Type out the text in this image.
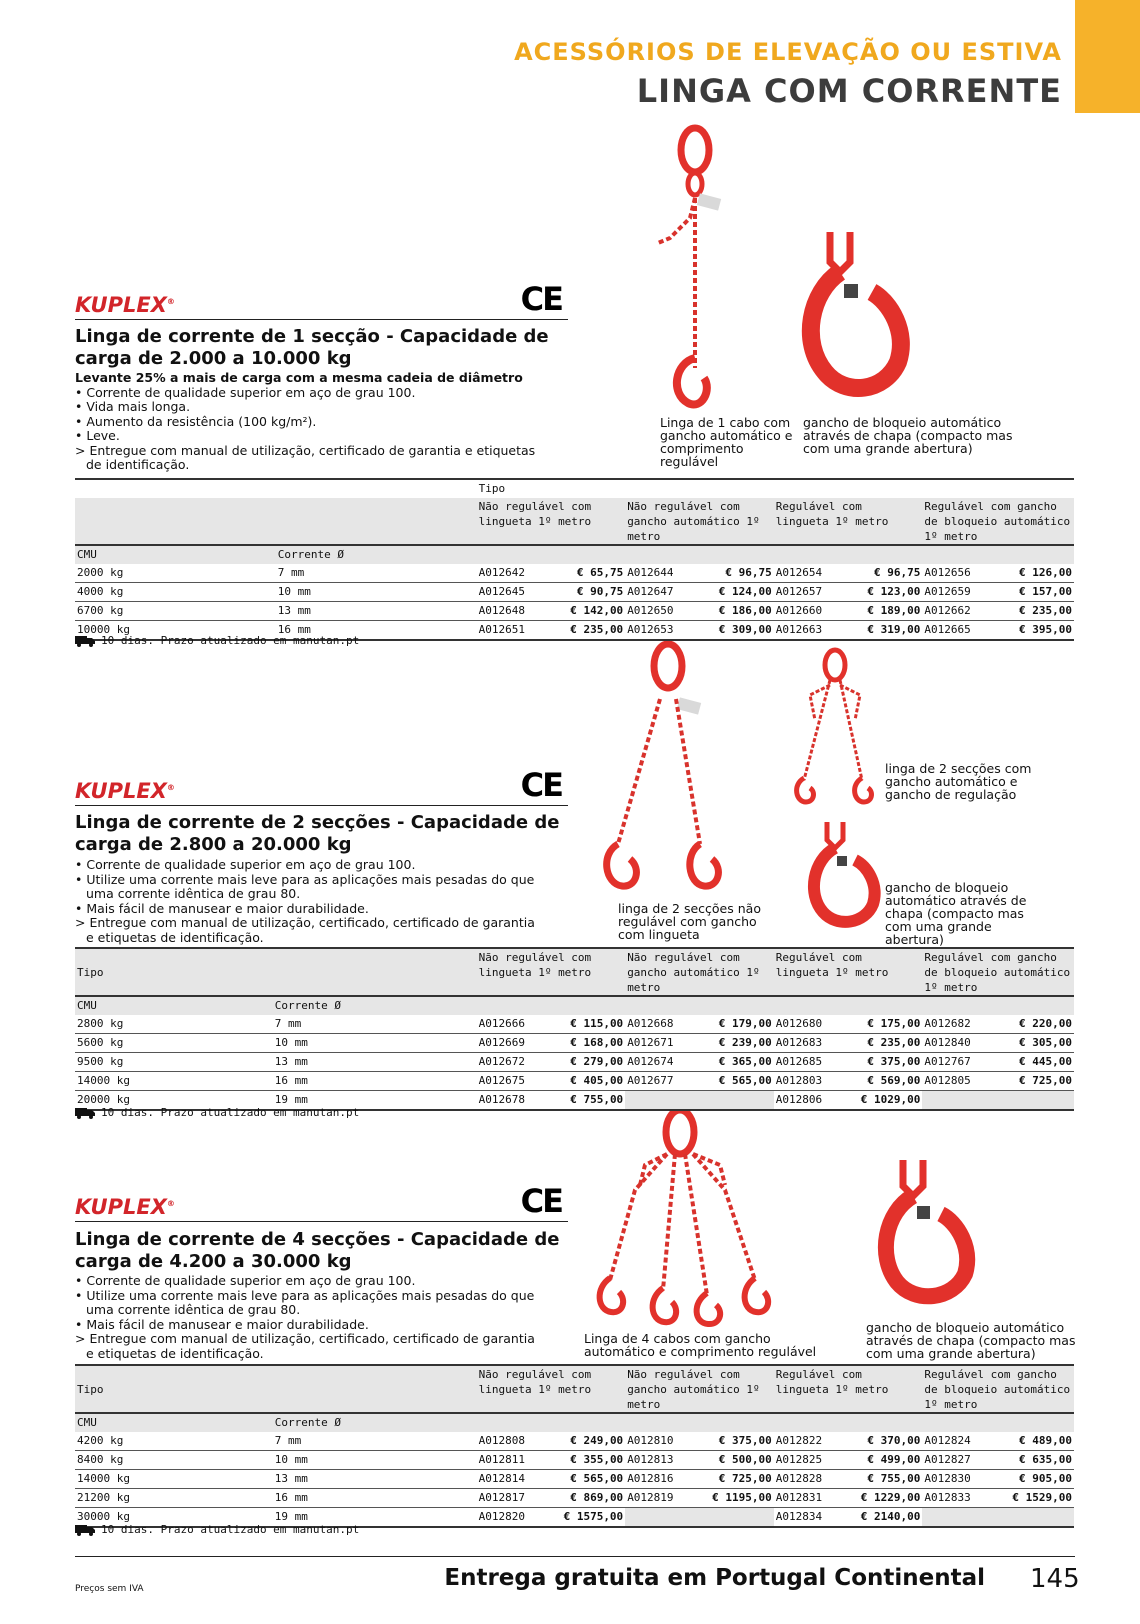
ACESSÓRIOS DE ELEVAÇÃO OU ESTIVA
LINGA COM CORRENTE
KUPLEX®	CE
Linga de corrente de 1 secção - Capacidade de carga de 2.000 a 10.000 kg
Levante 25% a mais de carga com a mesma cadeia de diâmetro
• Corrente de qualidade superior em aço de grau 100.
• Vida mais longa.
• Aumento da resistência (100 kg/m²).
• Leve.
> Entregue com manual de utilização, certificado de garantia e etiquetas de identificação.
Linga de 1 cabo com gancho automático e comprimento regulável
gancho de bloqueio automático através de chapa (compacto mas com uma grande abertura)
		Tipo							
		Não regulável com lingueta 1º metro		Não regulável com gancho automático 1º metro		Regulável com lingueta 1º metro		Regulável com gancho de bloqueio automático 1º metro	
CMU	Corrente Ø								
2000 kg	7 mm	A012642	€ 65,75	A012644	€ 96,75	A012654	€ 96,75	A012656	€ 126,00
4000 kg	10 mm	A012645	€ 90,75	A012647	€ 124,00	A012657	€ 123,00	A012659	€ 157,00
6700 kg	13 mm	A012648	€ 142,00	A012650	€ 186,00	A012660	€ 189,00	A012662	€ 235,00
10000 kg	16 mm	A012651	€ 235,00	A012653	€ 309,00	A012663	€ 319,00	A012665	€ 395,00
10 dias. Prazo atualizado em manutan.pt
KUPLEX®	CE
Linga de corrente de 2 secções - Capacidade de carga de 2.800 a 20.000 kg
• Corrente de qualidade superior em aço de grau 100.
• Utilize uma corrente mais leve para as aplicações mais pesadas do que uma corrente idêntica de grau 80.
• Mais fácil de manusear e maior durabilidade.
> Entregue com manual de utilização, certificado, certificado de garantia e etiquetas de identificação.
linga de 2 secções não regulável com gancho com lingueta
linga de 2 secções com gancho automático e gancho de regulação
gancho de bloqueio automático através de chapa (compacto mas com uma grande abertura)
Tipo		Não regulável com lingueta 1º metro		Não regulável com gancho automático 1º metro		Regulável com lingueta 1º metro		Regulável com gancho de bloqueio automático 1º metro	
CMU	Corrente Ø								
2800 kg	7 mm	A012666	€ 115,00	A012668	€ 179,00	A012680	€ 175,00	A012682	€ 220,00
5600 kg	10 mm	A012669	€ 168,00	A012671	€ 239,00	A012683	€ 235,00	A012840	€ 305,00
9500 kg	13 mm	A012672	€ 279,00	A012674	€ 365,00	A012685	€ 375,00	A012767	€ 445,00
14000 kg	16 mm	A012675	€ 405,00	A012677	€ 565,00	A012803	€ 569,00	A012805	€ 725,00
20000 kg	19 mm	A012678	€ 755,00			A012806	€ 1029,00		
10 dias. Prazo atualizado em manutan.pt
KUPLEX®	CE
Linga de corrente de 4 secções - Capacidade de carga de 4.200 a 30.000 kg
• Corrente de qualidade superior em aço de grau 100.
• Utilize uma corrente mais leve para as aplicações mais pesadas do que uma corrente idêntica de grau 80.
• Mais fácil de manusear e maior durabilidade.
> Entregue com manual de utilização, certificado, certificado de garantia e etiquetas de identificação.
Linga de 4 cabos com gancho automático e comprimento regulável
gancho de bloqueio automático através de chapa (compacto mas com uma grande abertura)
Tipo		Não regulável com lingueta 1º metro		Não regulável com gancho automático 1º metro		Regulável com lingueta 1º metro		Regulável com gancho de bloqueio automático 1º metro	
CMU	Corrente Ø								
4200 kg	7 mm	A012808	€ 249,00	A012810	€ 375,00	A012822	€ 370,00	A012824	€ 489,00
8400 kg	10 mm	A012811	€ 355,00	A012813	€ 500,00	A012825	€ 499,00	A012827	€ 635,00
14000 kg	13 mm	A012814	€ 565,00	A012816	€ 725,00	A012828	€ 755,00	A012830	€ 905,00
21200 kg	16 mm	A012817	€ 869,00	A012819	€ 1195,00	A012831	€ 1229,00	A012833	€ 1529,00
30000 kg	19 mm	A012820	€ 1575,00			A012834	€ 2140,00		
10 dias. Prazo atualizado em manutan.pt
Preços sem IVA	Entrega gratuita em Portugal Continental 145
